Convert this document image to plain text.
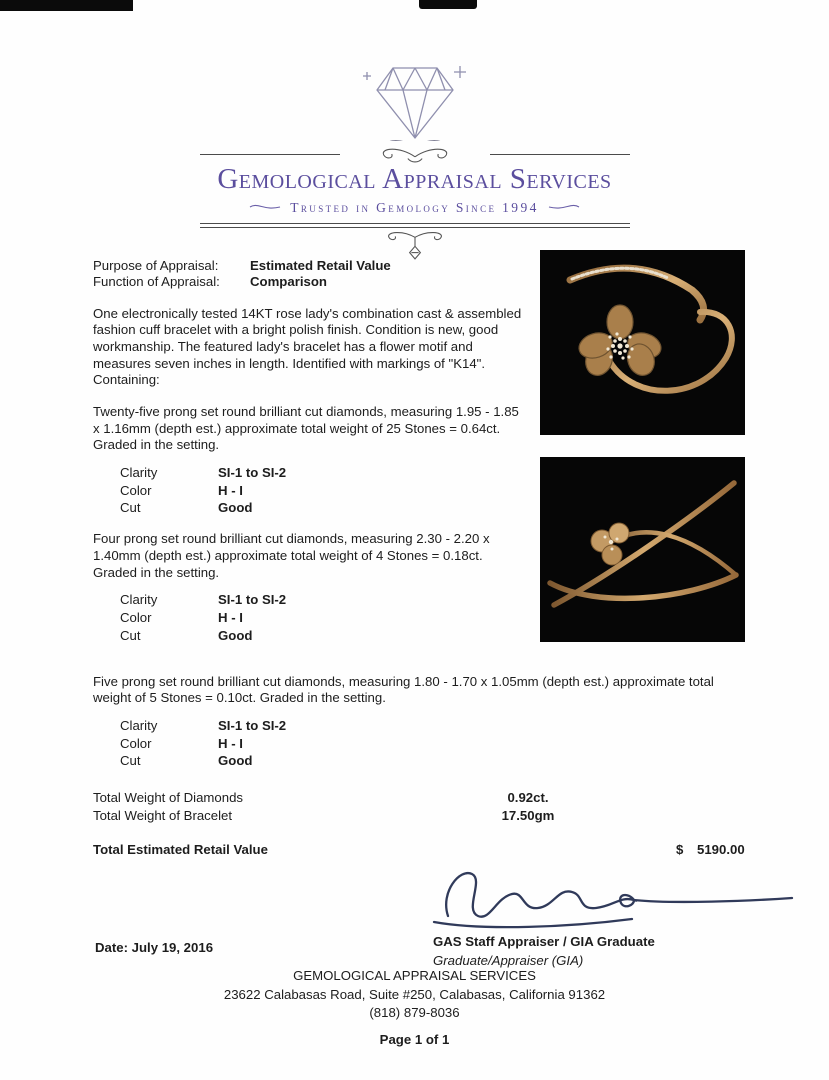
Gemological Appraisal Services
Trusted in Gemology Since 1994
Purpose of Appraisal:	Estimated Retail Value
Function of Appraisal:	Comparison

One electronically tested 14KT rose lady's combination cast & assembled fashion cuff bracelet with a bright polish finish. Condition is new, good workmanship. The featured lady's bracelet has a flower motif and measures seven inches in length. Identified with markings of "K14". Containing:

Twenty-five prong set round brilliant cut diamonds, measuring 1.95 - 1.85 x 1.16mm (depth est.) approximate total weight of 25 Stones = 0.64ct. Graded in the setting.

Clarity	SI-1 to SI-2
Color	H - I
Cut	Good

Four prong set round brilliant cut diamonds, measuring 2.30 - 2.20 x 1.40mm (depth est.) approximate total weight of 4 Stones = 0.18ct. Graded in the setting.

Clarity	SI-1 to SI-2
Color	H - I
Cut	Good

Five prong set round brilliant cut diamonds, measuring 1.80 - 1.70 x 1.05mm (depth est.) approximate total weight of 5 Stones = 0.10ct. Graded in the setting.

Clarity	SI-1 to SI-2
Color	H - I
Cut	Good
Total Weight of Diamonds	0.92ct.
Total Weight of Bracelet	17.50gm
Total Estimated Retail Value	$ 5190.00
GAS Staff Appraiser / GIA Graduate
Graduate/Appraiser (GIA)
Date: July 19, 2016
GEMOLOGICAL APPRAISAL SERVICES
23622 Calabasas Road, Suite #250, Calabasas, California 91362
(818) 879-8036
Page 1 of 1
